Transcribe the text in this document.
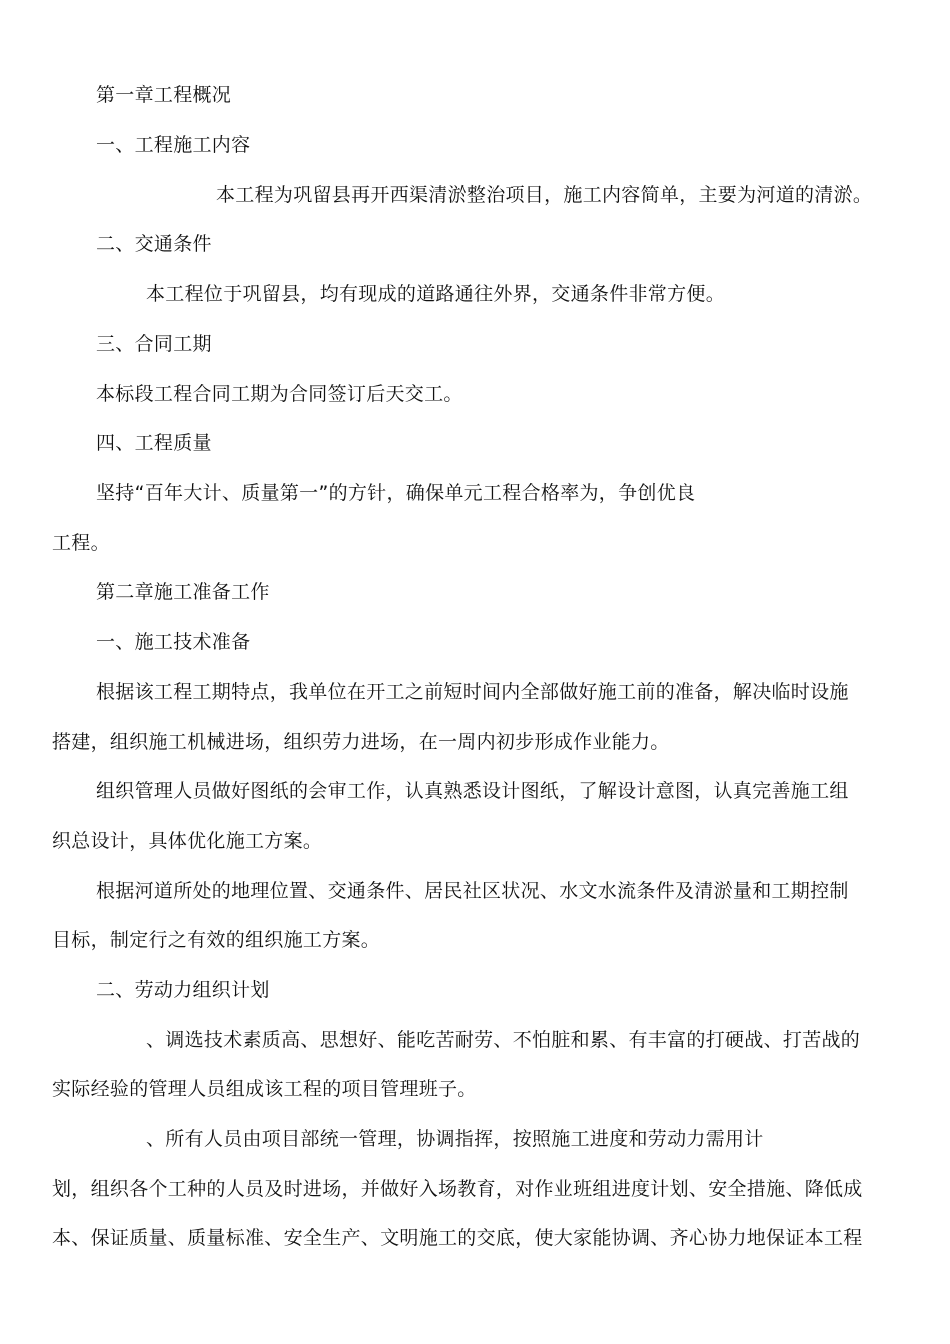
第一章工程概况
一、工程施工内容
本工程为巩留县再开西渠清淤整治项目，施工内容简单，主要为河道的清淤。
二、交通条件
本工程位于巩留县，均有现成的道路通往外界，交通条件非常方便。
三、合同工期
本标段工程合同工期为合同签订后天交工。
四、工程质量
坚持“百年大计、质量第一”的方针，确保单元工程合格率为，争创优良
工程。
第二章施工准备工作
一、施工技术准备
根据该工程工期特点，我单位在开工之前短时间内全部做好施工前的准备，解决临时设施
搭建，组织施工机械进场，组织劳力进场，在一周内初步形成作业能力。
组织管理人员做好图纸的会审工作，认真熟悉设计图纸，了解设计意图，认真完善施工组
织总设计，具体优化施工方案。
根据河道所处的地理位置、交通条件、居民社区状况、水文水流条件及清淤量和工期控制
目标，制定行之有效的组织施工方案。
二、劳动力组织计划
、调选技术素质高、思想好、能吃苦耐劳、不怕脏和累、有丰富的打硬战、打苦战的
实际经验的管理人员组成该工程的项目管理班子。
、所有人员由项目部统一管理，协调指挥，按照施工进度和劳动力需用计
划，组织各个工种的人员及时进场，并做好入场教育，对作业班组进度计划、安全措施、降低成
本、保证质量、质量标准、安全生产、文明施工的交底，使大家能协调、齐心协力地保证本工程
